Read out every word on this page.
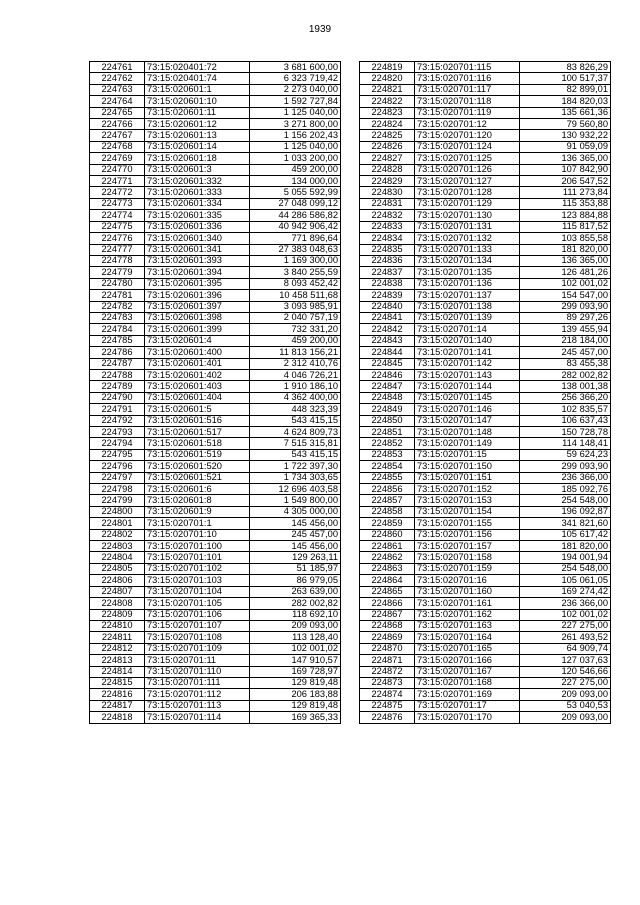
1939
224761	73:15:020401:72	3 681 600,00
224762	73:15:020401:74	6 323 719,42
224763	73:15:020601:1	2 273 040,00
224764	73:15:020601:10	1 592 727,84
224765	73:15:020601:11	1 125 040,00
224766	73:15:020601:12	3 271 800,00
224767	73:15:020601:13	1 156 202,43
224768	73:15:020601:14	1 125 040,00
224769	73:15:020601:18	1 033 200,00
224770	73:15:020601:3	459 200,00
224771	73:15:020601:332	134 000,00
224772	73:15:020601:333	5 055 592,99
224773	73:15:020601:334	27 048 099,12
224774	73:15:020601:335	44 286 586,82
224775	73:15:020601:336	40 942 906,42
224776	73:15:020601:340	771 896,64
224777	73:15:020601:341	27 383 048,63
224778	73:15:020601:393	1 169 300,00
224779	73:15:020601:394	3 840 255,59
224780	73:15:020601:395	8 093 452,42
224781	73:15:020601:396	10 458 511,68
224782	73:15:020601:397	3 093 985,91
224783	73:15:020601:398	2 040 757,19
224784	73:15:020601:399	732 331,20
224785	73:15:020601:4	459 200,00
224786	73:15:020601:400	11 813 156,21
224787	73:15:020601:401	2 312 410,76
224788	73:15:020601:402	4 046 726,21
224789	73:15:020601:403	1 910 186,10
224790	73:15:020601:404	4 362 400,00
224791	73:15:020601:5	448 323,39
224792	73:15:020601:516	543 415,15
224793	73:15:020601:517	4 624 809,73
224794	73:15:020601:518	7 515 315,81
224795	73:15:020601:519	543 415,15
224796	73:15:020601:520	1 722 397,30
224797	73:15:020601:521	1 734 303,65
224798	73:15:020601:6	12 696 403,58
224799	73:15:020601:8	1 549 800,00
224800	73:15:020601:9	4 305 000,00
224801	73:15:020701:1	145 456,00
224802	73:15:020701:10	245 457,00
224803	73:15:020701:100	145 456,00
224804	73:15:020701:101	129 263,11
224805	73:15:020701:102	51 185,97
224806	73:15:020701:103	86 979,05
224807	73:15:020701:104	263 639,00
224808	73:15:020701:105	282 002,82
224809	73:15:020701:106	118 692,10
224810	73:15:020701:107	209 093,00
224811	73:15:020701:108	113 128,40
224812	73:15:020701:109	102 001,02
224813	73:15:020701:11	147 910,57
224814	73:15:020701:110	169 728,97
224815	73:15:020701:111	129 819,48
224816	73:15:020701:112	206 183,88
224817	73:15:020701:113	129 819,48
224818	73:15:020701:114	169 365,33
224819	73:15:020701:115	83 826,29
224820	73:15:020701:116	100 517,37
224821	73:15:020701:117	82 899,01
224822	73:15:020701:118	184 820,03
224823	73:15:020701:119	135 661,36
224824	73:15:020701:12	79 560,80
224825	73:15:020701:120	130 932,22
224826	73:15:020701:124	91 059,09
224827	73:15:020701:125	136 365,00
224828	73:15:020701:126	107 842,90
224829	73:15:020701:127	206 547,52
224830	73:15:020701:128	111 273,84
224831	73:15:020701:129	115 353,88
224832	73:15:020701:130	123 884,88
224833	73:15:020701:131	115 817,52
224834	73:15:020701:132	103 855,58
224835	73:15:020701:133	181 820,00
224836	73:15:020701:134	136 365,00
224837	73:15:020701:135	126 481,26
224838	73:15:020701:136	102 001,02
224839	73:15:020701:137	154 547,00
224840	73:15:020701:138	299 093,90
224841	73:15:020701:139	89 297,26
224842	73:15:020701:14	139 455,94
224843	73:15:020701:140	218 184,00
224844	73:15:020701:141	245 457,00
224845	73:15:020701:142	83 455,38
224846	73:15:020701:143	282 002,82
224847	73:15:020701:144	138 001,38
224848	73:15:020701:145	256 366,20
224849	73:15:020701:146	102 835,57
224850	73:15:020701:147	106 637,43
224851	73:15:020701:148	150 728,78
224852	73:15:020701:149	114 148,41
224853	73:15:020701:15	59 624,23
224854	73:15:020701:150	299 093,90
224855	73:15:020701:151	236 366,00
224856	73:15:020701:152	185 092,76
224857	73:15:020701:153	254 548,00
224858	73:15:020701:154	196 092,87
224859	73:15:020701:155	341 821,60
224860	73:15:020701:156	105 617,42
224861	73:15:020701:157	181 820,00
224862	73:15:020701:158	194 001,94
224863	73:15:020701:159	254 548,00
224864	73:15:020701:16	105 061,05
224865	73:15:020701:160	169 274,42
224866	73:15:020701:161	236 366,00
224867	73:15:020701:162	102 001,02
224868	73:15:020701:163	227 275,00
224869	73:15:020701:164	261 493,52
224870	73:15:020701:165	64 909,74
224871	73:15:020701:166	127 037,63
224872	73:15:020701:167	120 546,66
224873	73:15:020701:168	227 275,00
224874	73:15:020701:169	209 093,00
224875	73:15:020701:17	53 040,53
224876	73:15:020701:170	209 093,00
